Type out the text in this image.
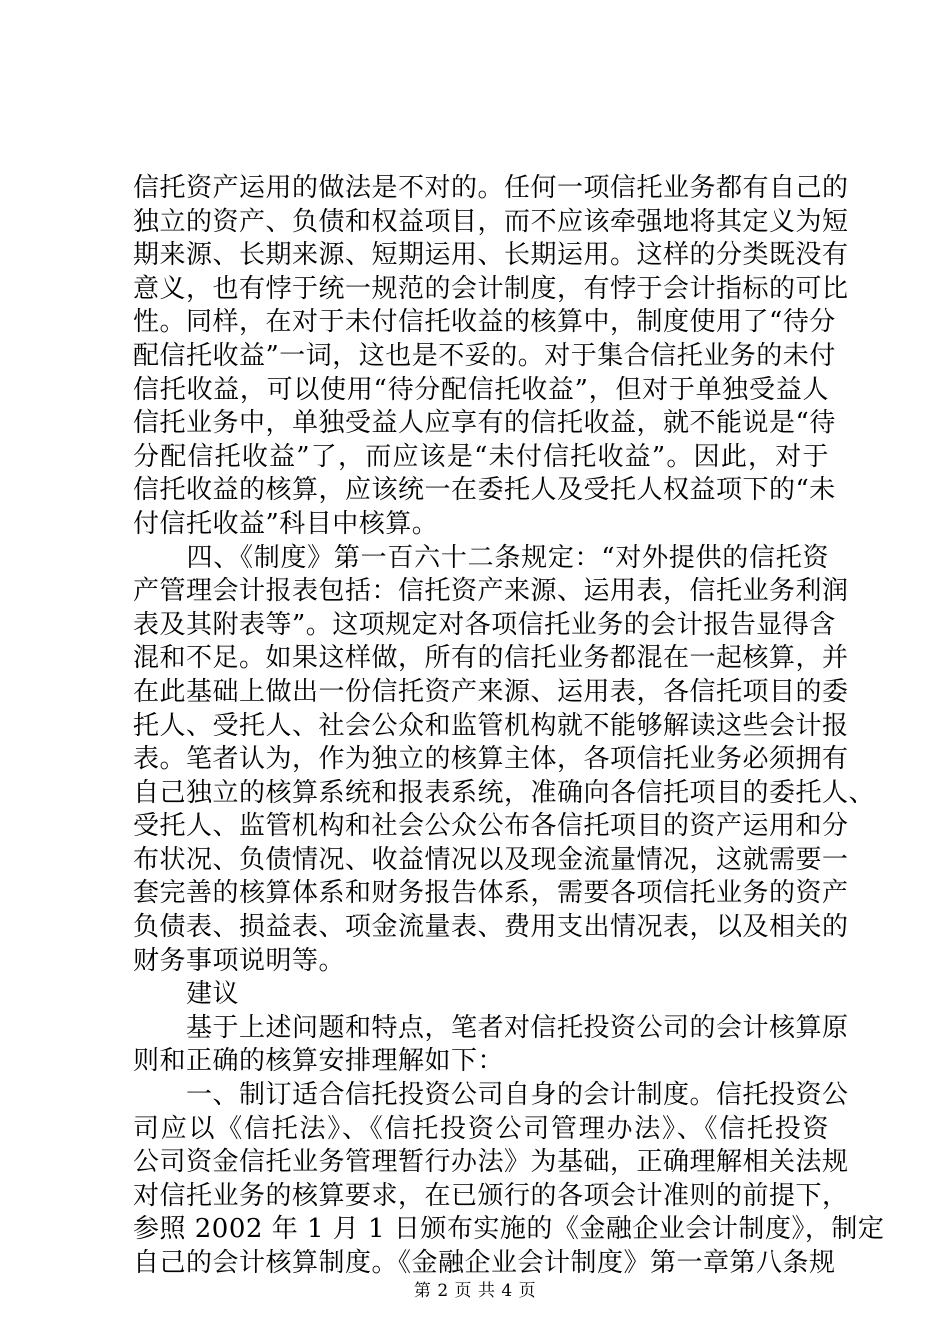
信托资产运用的做法是不对的。任何一项信托业务都有自己的
独立的资产、负债和权益项目，而不应该牵强地将其定义为短
期来源、长期来源、短期运用、长期运用。这样的分类既没有
意义，也有悖于统一规范的会计制度，有悖于会计指标的可比
性。同样，在对于未付信托收益的核算中，制度使用了“待分
配信托收益”一词，这也是不妥的。对于集合信托业务的未付
信托收益，可以使用“待分配信托收益”，但对于单独受益人
信托业务中，单独受益人应享有的信托收益，就不能说是“待
分配信托收益”了，而应该是“未付信托收益”。因此，对于
信托收益的核算，应该统一在委托人及受托人权益项下的“未
付信托收益”科目中核算。
　　四、《制度》第一百六十二条规定：“对外提供的信托资
产管理会计报表包括：信托资产来源、运用表，信托业务利润
表及其附表等”。这项规定对各项信托业务的会计报告显得含
混和不足。如果这样做，所有的信托业务都混在一起核算，并
在此基础上做出一份信托资产来源、运用表，各信托项目的委
托人、受托人、社会公众和监管机构就不能够解读这些会计报
表。笔者认为，作为独立的核算主体，各项信托业务必须拥有
自己独立的核算系统和报表系统，准确向各信托项目的委托人、
受托人、监管机构和社会公众公布各信托项目的资产运用和分
布状况、负债情况、收益情况以及现金流量情况，这就需要一
套完善的核算体系和财务报告体系，需要各项信托业务的资产
负债表、损益表、项金流量表、费用支出情况表，以及相关的
财务事项说明等。
　　建议
　　基于上述问题和特点，笔者对信托投资公司的会计核算原
则和正确的核算安排理解如下：
　　一、制订适合信托投资公司自身的会计制度。信托投资公
司应以《信托法》、《信托投资公司管理办法》、《信托投资
公司资金信托业务管理暂行办法》为基础，正确理解相关法规
对信托业务的核算要求，在已颁行的各项会计准则的前提下，
参照 2002 年 1 月 1 日颁布实施的《金融企业会计制度》，制定
自己的会计核算制度。《金融企业会计制度》第一章第八条规
第 2 页 共 4 页
